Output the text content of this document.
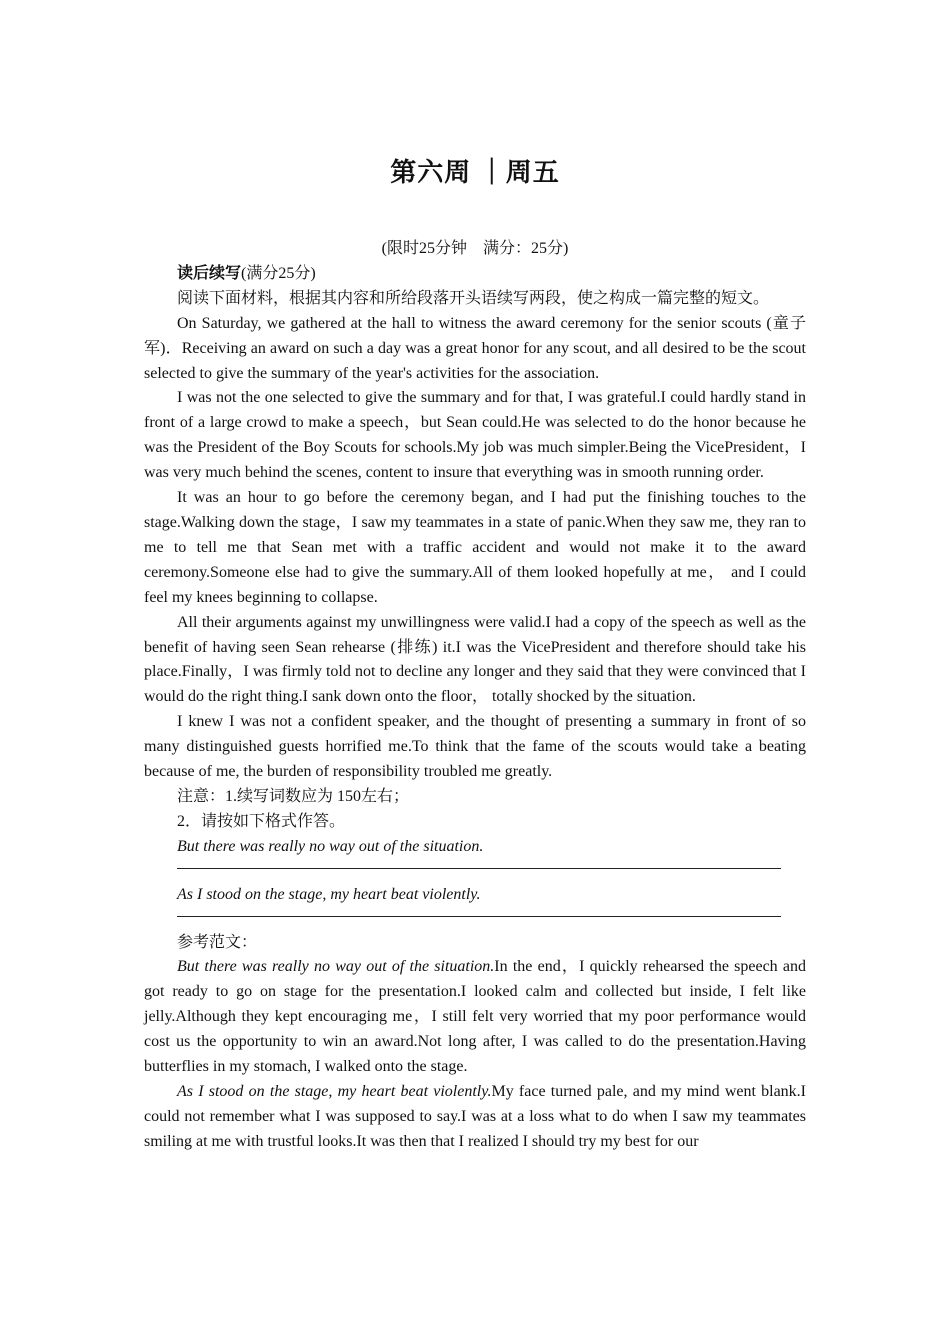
第六周 ｜周五

(限时25分钟　满分：25分)

读后续写(满分25分)

阅读下面材料，根据其内容和所给段落开头语续写两段，使之构成一篇完整的短文。

On Saturday, we gathered at the hall to witness the award ceremony for the senior scouts (童子军)．Receiving an award on such a day was a great honor for any scout, and all desired to be the scout selected to give the summary of the year's activities for the association.

I was not the one selected to give the summary and for that, I was grateful.I could hardly stand in front of a large crowd to make a speech，but Sean could.He was selected to do the honor because he was the President of the Boy Scouts for schools.My job was much simpler.Being the VicePresident，I was very much behind the scenes, content to insure that everything was in smooth running order.

It was an hour to go before the ceremony began, and I had put the finishing touches to the stage.Walking down the stage，I saw my teammates in a state of panic.When they saw me, they ran to me to tell me that Sean met with a traffic accident and would not make it to the award ceremony.Someone else had to give the summary.All of them looked hopefully at me， and I could feel my knees beginning to collapse.

All their arguments against my unwillingness were valid.I had a copy of the speech as well as the benefit of having seen Sean rehearse (排练) it.I was the VicePresident and therefore should take his place.Finally，I was firmly told not to decline any longer and they said that they were convinced that I would do the right thing.I sank down onto the floor， totally shocked by the situation.

I knew I was not a confident speaker, and the thought of presenting a summary in front of so many distinguished guests horrified me.To think that the fame of the scouts would take a beating because of me, the burden of responsibility troubled me greatly.

注意：1.续写词数应为 150左右；

2．请按如下格式作答。

But there was really no way out of the situation.

As I stood on the stage, my heart beat violently.

参考范文：

But there was really no way out of the situation.In the end，I quickly rehearsed the speech and got ready to go on stage for the presentation.I looked calm and collected but inside, I felt like jelly.Although they kept encouraging me，I still felt very worried that my poor performance would cost us the opportunity to win an award.Not long after, I was called to do the presentation.Having butterflies in my stomach, I walked onto the stage.

As I stood on the stage, my heart beat violently.My face turned pale, and my mind went blank.I could not remember what I was supposed to say.I was at a loss what to do when I saw my teammates smiling at me with trustful looks.It was then that I realized I should try my best for our
